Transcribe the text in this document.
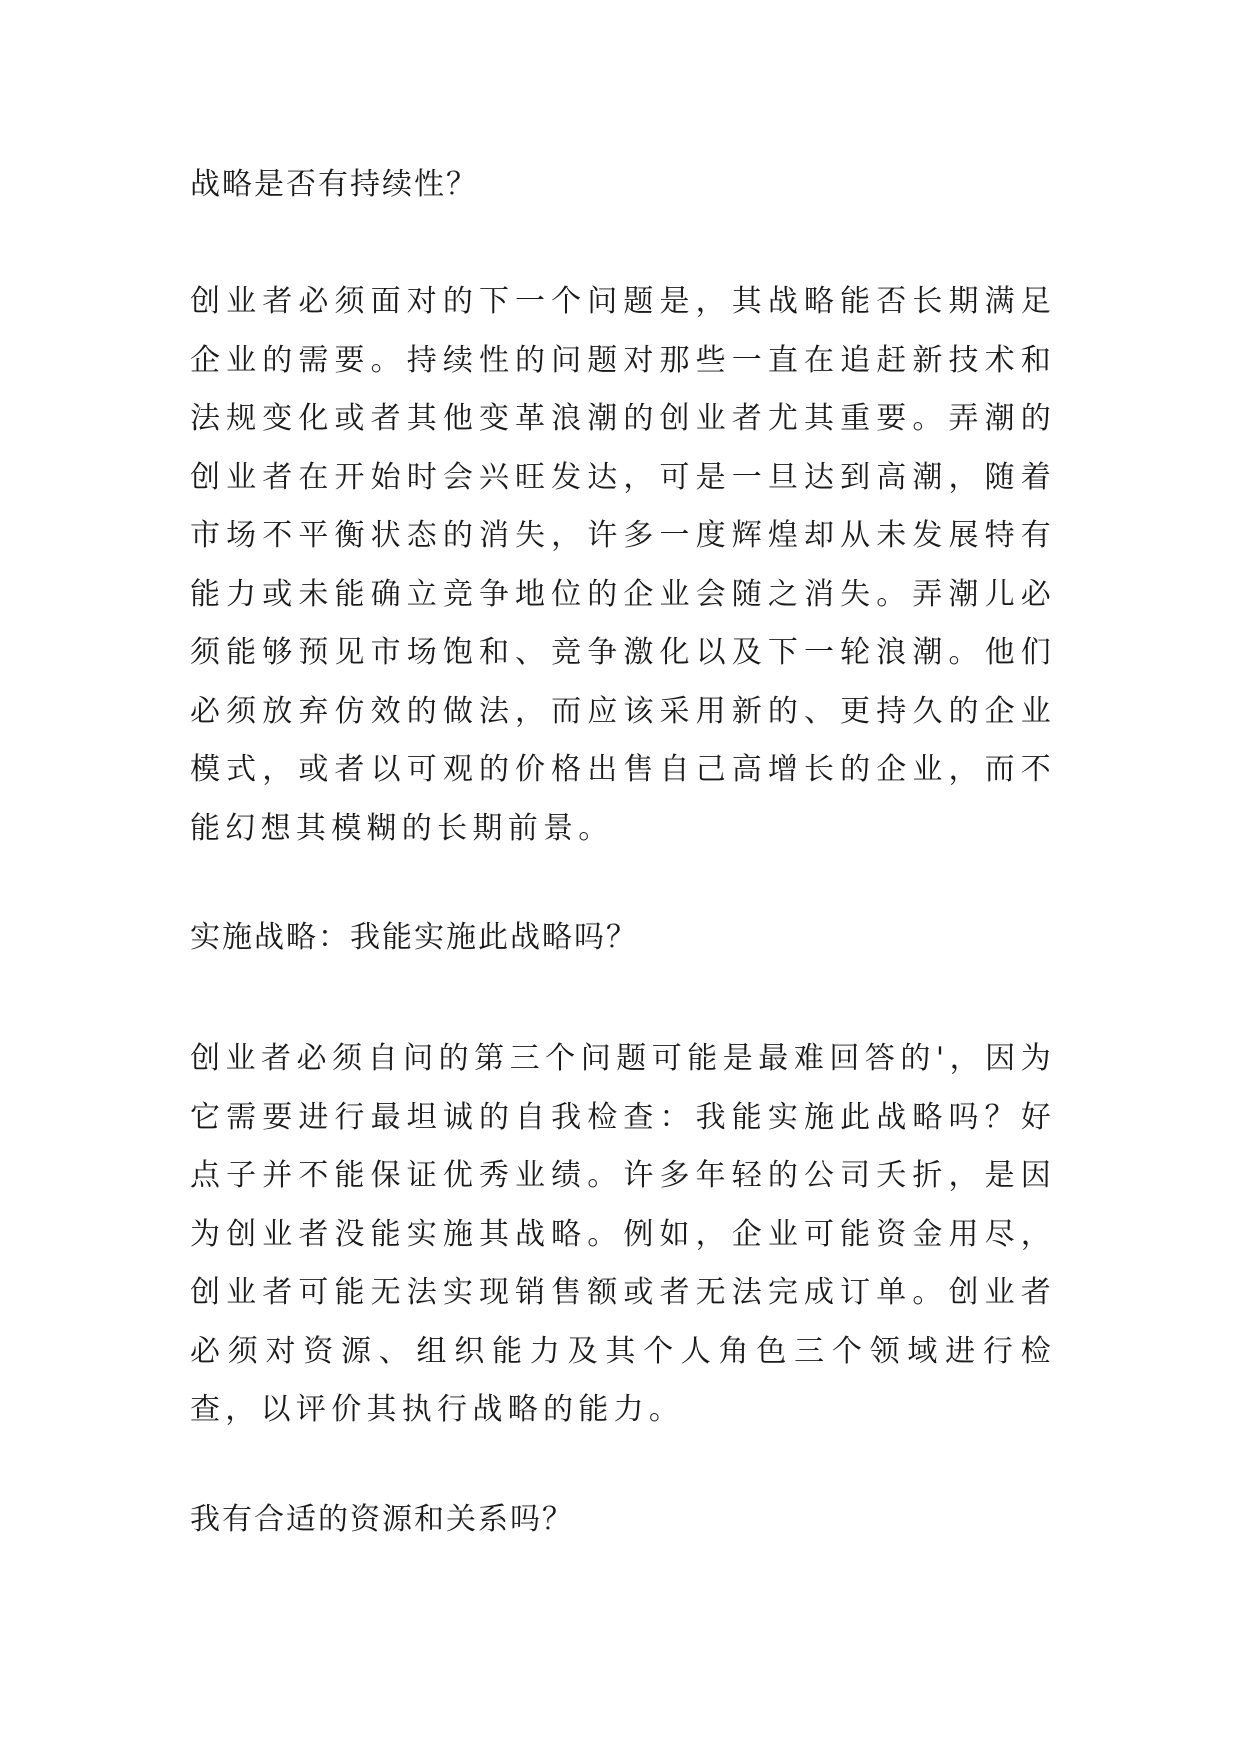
战略是否有持续性？

创业者必须面对的下一个问题是，其战略能否长期满足企业的需要。持续性的问题对那些一直在追赶新技术和法规变化或者其他变革浪潮的创业者尤其重要。弄潮的创业者在开始时会兴旺发达，可是一旦达到高潮，随着市场不平衡状态的消失，许多一度辉煌却从未发展特有能力或未能确立竞争地位的企业会随之消失。弄潮儿必须能够预见市场饱和、竞争激化以及下一轮浪潮。他们必须放弃仿效的做法，而应该采用新的、更持久的企业模式，或者以可观的价格出售自己高增长的企业，而不能幻想其模糊的长期前景。

实施战略：我能实施此战略吗？

创业者必须自问的第三个问题可能是最难回答的'，因为它需要进行最坦诚的自我检查：我能实施此战略吗？好点子并不能保证优秀业绩。许多年轻的公司夭折，是因为创业者没能实施其战略。例如，企业可能资金用尽，创业者可能无法实现销售额或者无法完成订单。创业者必须对资源、组织能力及其个人角色三个领域进行检查，以评价其执行战略的能力。

我有合适的资源和关系吗？
